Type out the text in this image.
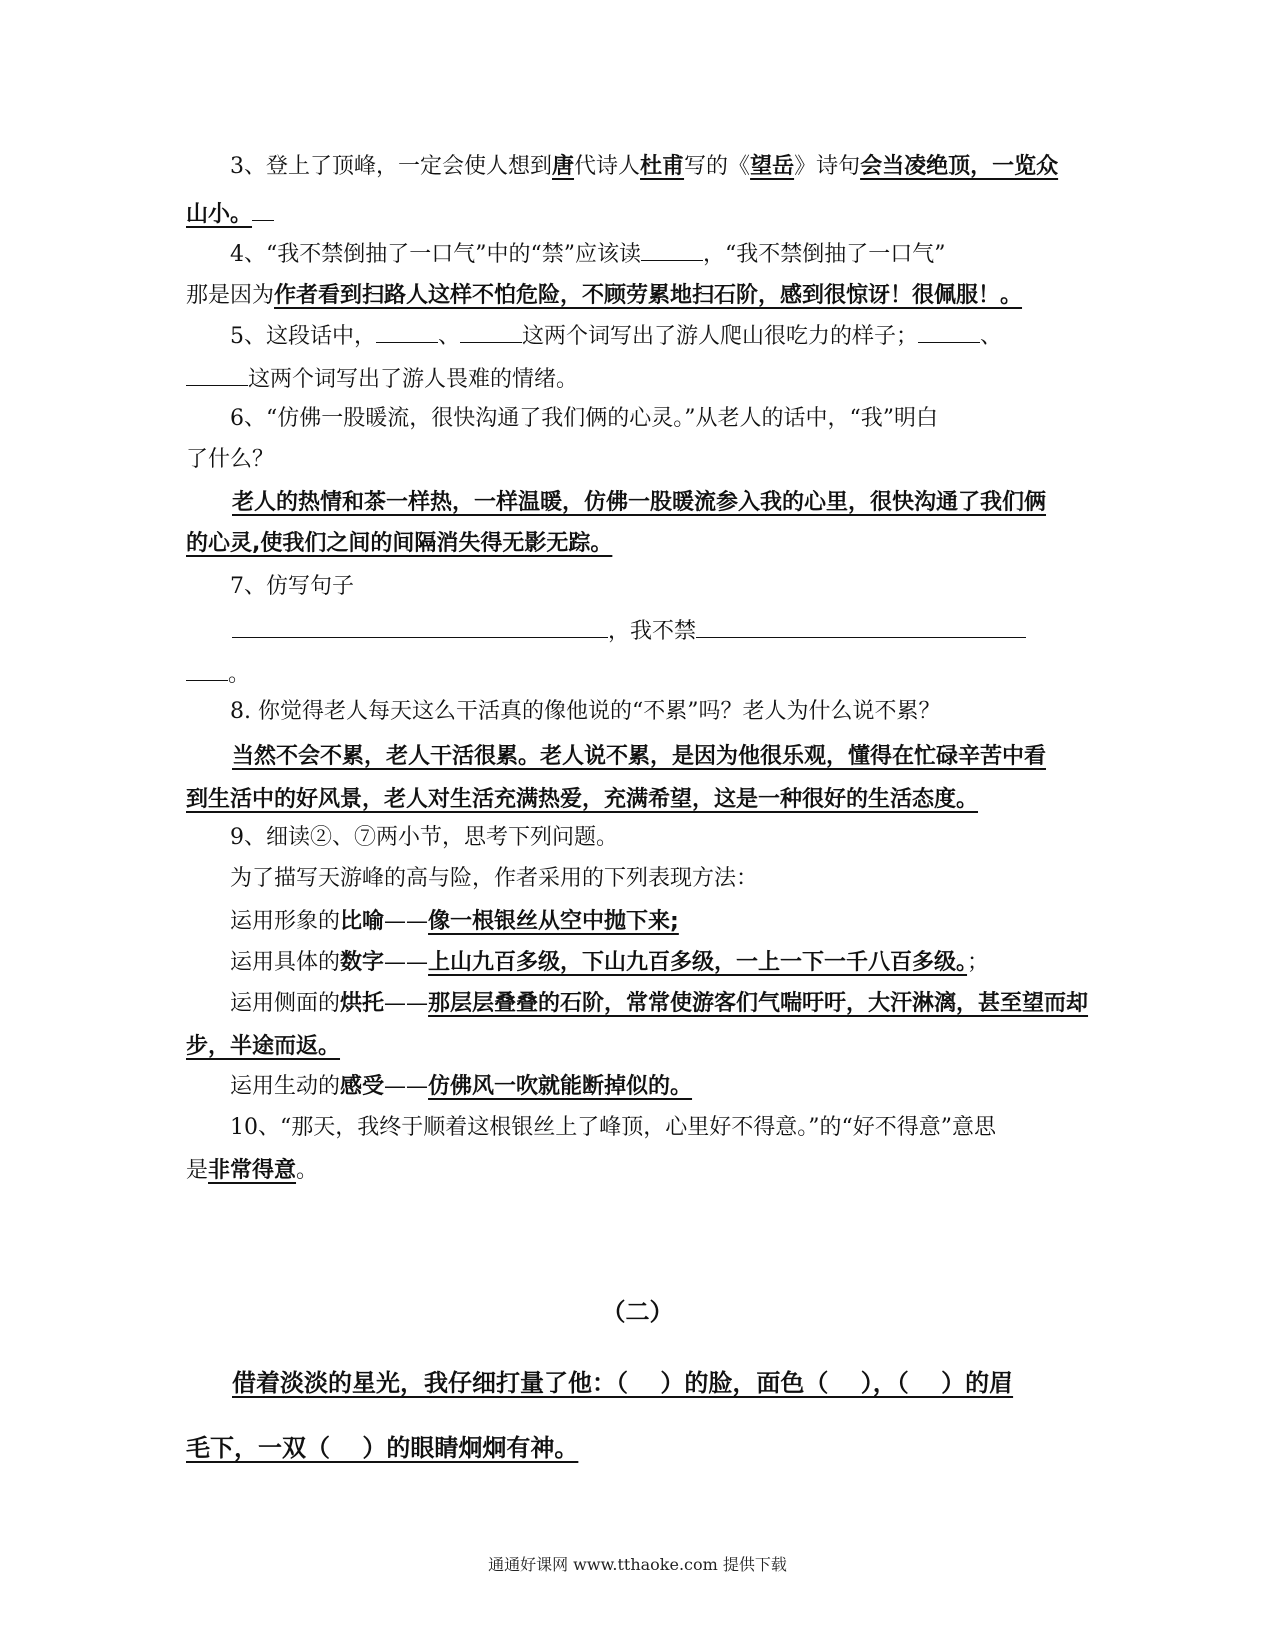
3、登上了顶峰，一定会使人想到唐代诗人杜甫写的《望岳》诗句会当凌绝顶，一览众
山小。
4、“我不禁倒抽了一口气”中的“禁”应该读	，“我不禁倒抽了一口气”
那是因为作者看到扫路人这样不怕危险，不顾劳累地扫石阶，感到很惊讶！很佩服！。
5、这段话中，	、	这两个词写出了游人爬山很吃力的样子；	、
这两个词写出了游人畏难的情绪。
6、“仿佛一股暖流，很快沟通了我们俩的心灵。”从老人的话中，“我”明白
了什么？
老人的热情和茶一样热，一样温暖，仿佛一股暖流参入我的心里，很快沟通了我们俩
的心灵,使我们之间的间隔消失得无影无踪。
7、仿写句子
，我不禁
。
8. 你觉得老人每天这么干活真的像他说的“不累”吗？老人为什么说不累？
当然不会不累，老人干活很累。老人说不累，是因为他很乐观，懂得在忙碌辛苦中看
到生活中的好风景，老人对生活充满热爱，充满希望，这是一种很好的生活态度。
9、细读②、⑦两小节，思考下列问题。
为了描写天游峰的高与险，作者采用的下列表现方法：
运用形象的比喻——像一根银丝从空中抛下来;
运用具体的数字——上山九百多级，下山九百多级，一上一下一千八百多级。；
运用侧面的烘托——那层层叠叠的石阶，常常使游客们气喘吁吁，大汗淋漓，甚至望而却
步，半途而返。
运用生动的感受——仿佛风一吹就能断掉似的。
10、“那天，我终于顺着这根银丝上了峰顶，心里好不得意。”的“好不得意”意思
是非常得意。
（二）
借着淡淡的星光，我仔细打量了他：（　 ）的脸，面色（　 ），（　 ）的眉
毛下，一双（　 ）的眼睛炯炯有神。
通通好课网 www.tthaoke.com 提供下载
